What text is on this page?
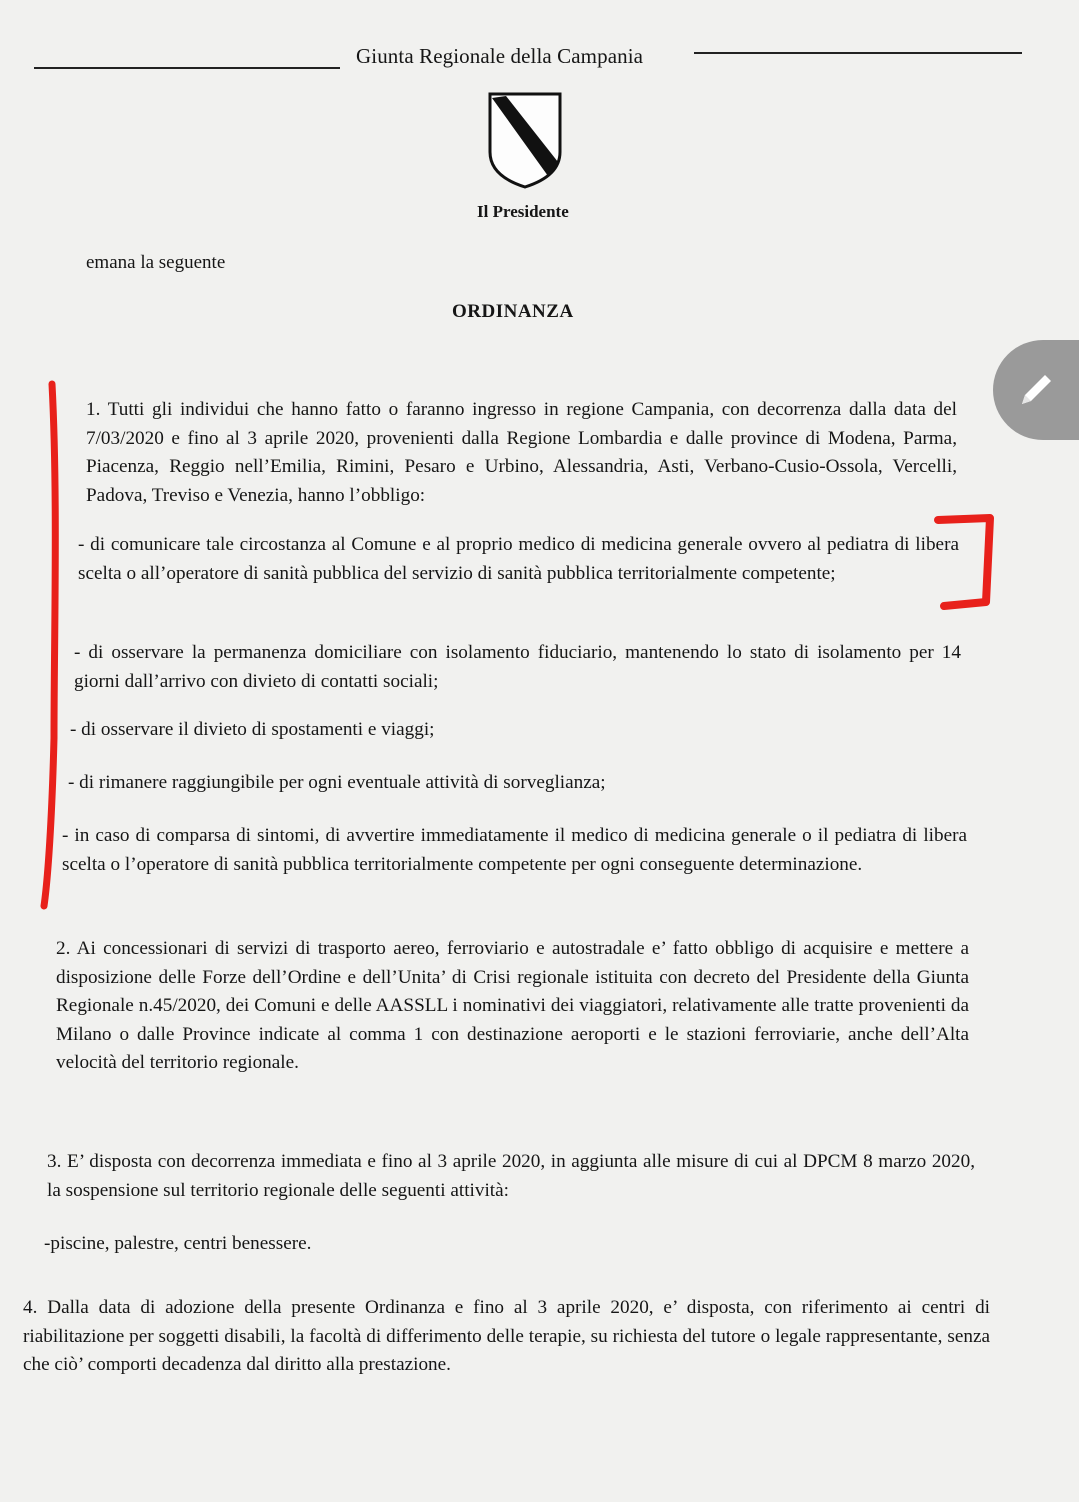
Giunta Regionale della Campania
Il Presidente
emana la seguente
ORDINANZA
1. Tutti gli individui che hanno fatto o faranno ingresso in regione Campania, con decorrenza dalla data del 7/03/2020 e fino al 3 aprile 2020, provenienti dalla Regione Lombardia e dalle province di Modena, Parma, Piacenza, Reggio nell’Emilia, Rimini, Pesaro e Urbino, Alessandria, Asti, Verbano-Cusio-Ossola, Vercelli, Padova, Treviso e Venezia, hanno l’obbligo:
- di comunicare tale circostanza al Comune e al proprio medico di medicina generale ovvero al pediatra di libera scelta o all’operatore di sanità pubblica del servizio di sanità pubblica territorialmente competente;
- di osservare la permanenza domiciliare con isolamento fiduciario, mantenendo lo stato di isolamento per 14 giorni dall’arrivo con divieto di contatti sociali;
- di osservare il divieto di spostamenti e viaggi;
- di rimanere raggiungibile per ogni eventuale attività di sorveglianza;
- in caso di comparsa di sintomi, di avvertire immediatamente il medico di medicina generale o il pediatra di libera scelta o l’operatore di sanità pubblica territorialmente competente per ogni conseguente determinazione.
2. Ai concessionari di servizi di trasporto aereo, ferroviario e autostradale e’ fatto obbligo di acquisire e mettere a disposizione delle Forze dell’Ordine e dell’Unita’ di Crisi regionale istituita con decreto del Presidente della Giunta Regionale n.45/2020, dei Comuni e delle AASSLL i nominativi dei viaggiatori, relativamente alle tratte provenienti da Milano o dalle Province indicate al comma 1 con destinazione aeroporti e le stazioni ferroviarie, anche dell’Alta velocità del territorio regionale.
3. E’ disposta con decorrenza immediata e fino al 3 aprile 2020, in aggiunta alle misure di cui al DPCM 8 marzo 2020, la sospensione sul territorio regionale delle seguenti attività:
-piscine, palestre, centri benessere.
4. Dalla data di adozione della presente Ordinanza e fino al 3 aprile 2020, e’ disposta, con riferimento ai centri di riabilitazione per soggetti disabili, la facoltà di differimento delle terapie, su richiesta del tutore o legale rappresentante, senza che ciò’ comporti decadenza dal diritto alla prestazione.
